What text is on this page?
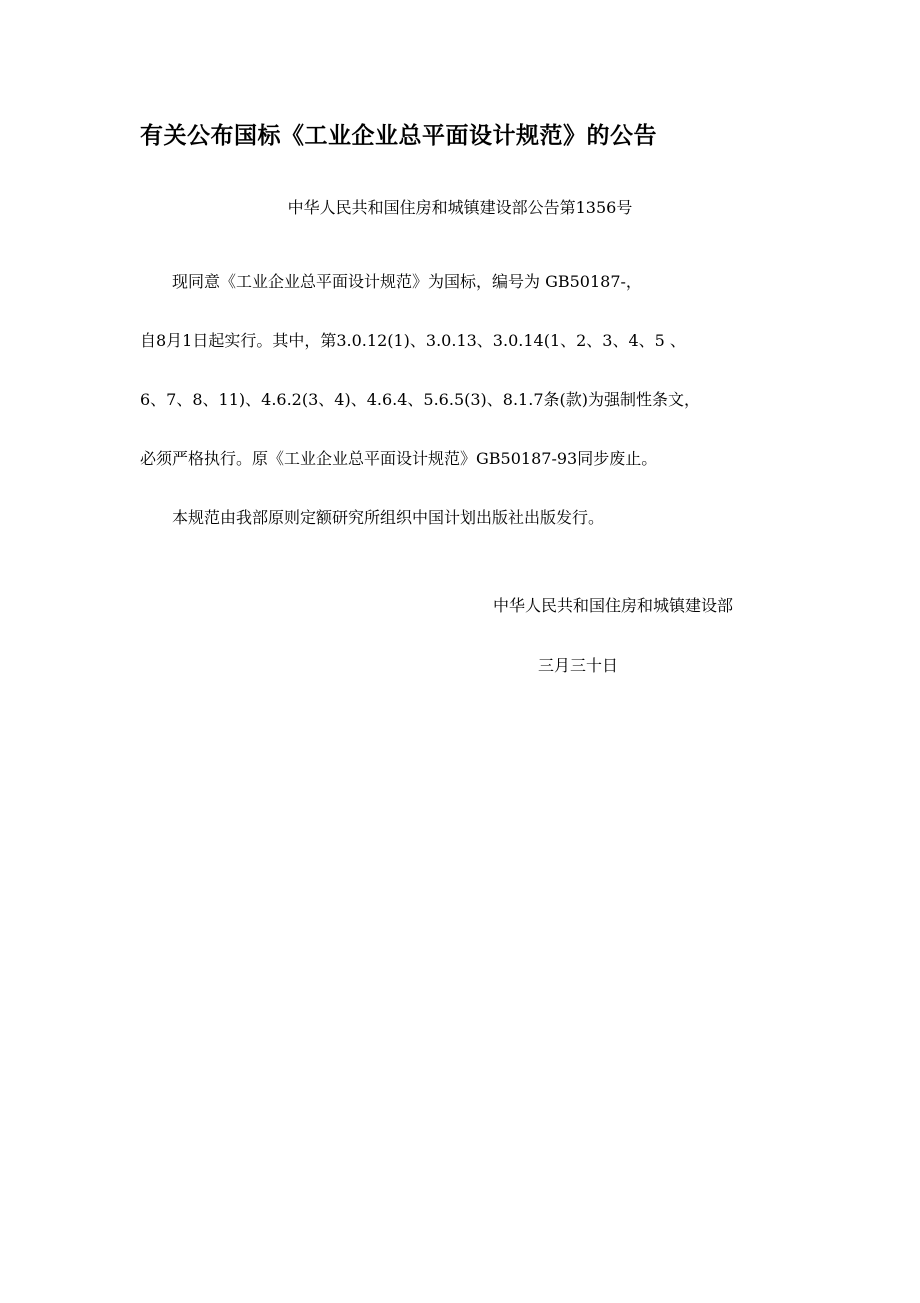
有关公布国标《工业企业总平面设计规范》的公告
中华人民共和国住房和城镇建设部公告第1356号
现同意《工业企业总平面设计规范》为国标，编号为 GB50187-，
自8月1日起实行。其中，第3.0.12(1)、3.0.13、3.0.14(1、2、3、4、5 、
6、7、8、11)、4.6.2(3、4)、4.6.4、5.6.5(3)、8.1.7条(款)为强制性条文，
必须严格执行。原《工业企业总平面设计规范》GB50187-93同步废止。
本规范由我部原则定额研究所组织中国计划出版社出版发行。
中华人民共和国住房和城镇建设部
三月三十日
